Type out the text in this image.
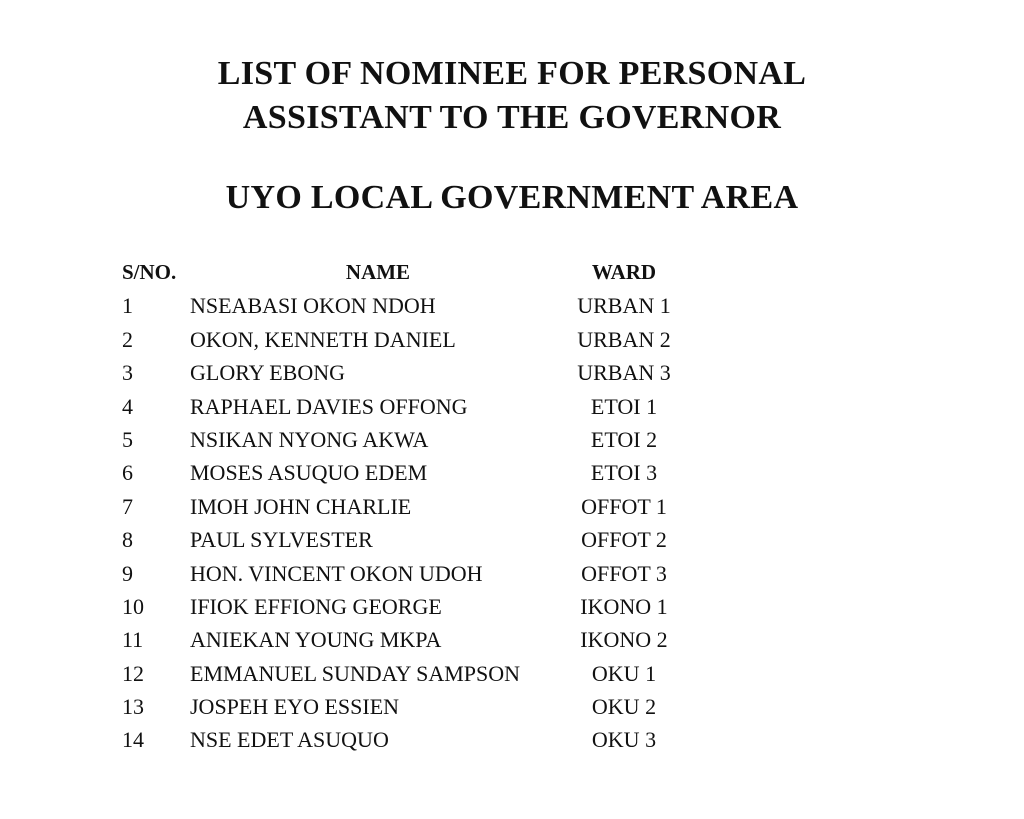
LIST OF NOMINEE FOR PERSONAL
ASSISTANT TO THE GOVERNOR
UYO LOCAL GOVERNMENT AREA
S/NO.	NAME	WARD
1	NSEABASI OKON NDOH	URBAN 1
2	OKON, KENNETH DANIEL	URBAN 2
3	GLORY EBONG	URBAN 3
4	RAPHAEL DAVIES OFFONG	ETOI 1
5	NSIKAN NYONG AKWA	ETOI 2
6	MOSES ASUQUO EDEM	ETOI 3
7	IMOH JOHN CHARLIE	OFFOT 1
8	PAUL SYLVESTER	OFFOT 2
9	HON. VINCENT OKON UDOH	OFFOT 3
10	IFIOK EFFIONG GEORGE	IKONO 1
11	ANIEKAN YOUNG MKPA	IKONO 2
12	EMMANUEL SUNDAY SAMPSON	OKU 1
13	JOSPEH EYO ESSIEN	OKU 2
14	NSE EDET ASUQUO	OKU 3
